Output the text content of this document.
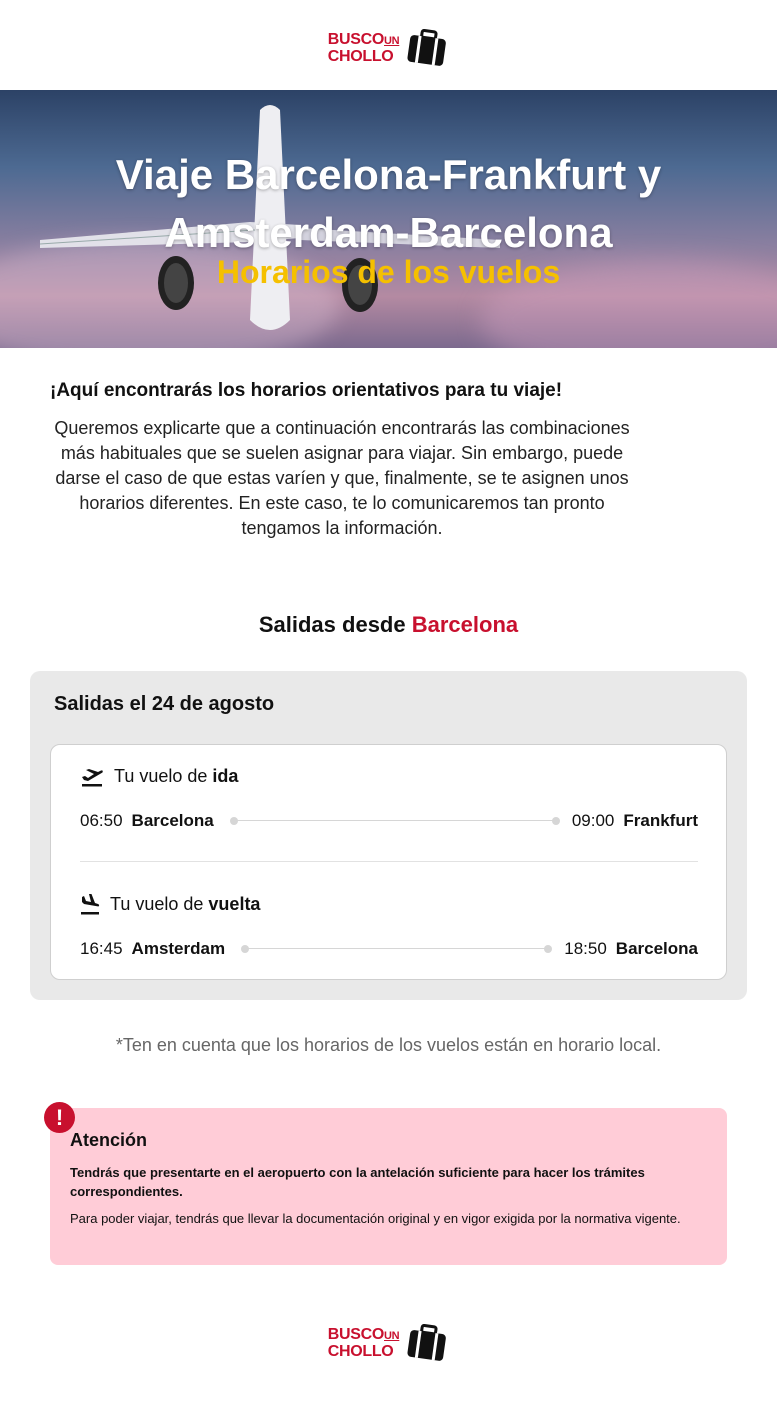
BUSCOUN
CHOLLO
Viaje Barcelona-Frankfurt y
Amsterdam-Barcelona
Horarios de los vuelos
¡Aquí encontrarás los horarios orientativos para tu viaje!
Queremos explicarte que a continuación encontrarás las combinaciones más habituales que se suelen asignar para viajar. Sin embargo, puede darse el caso de que estas varíen y que, finalmente, se te asignen unos horarios diferentes. En este caso, te lo comunicaremos tan pronto tengamos la información.
Salidas desde Barcelona
Salidas el 24 de agosto
Tu vuelo de ida
06:50 Barcelona	09:00 Frankfurt
Tu vuelo de vuelta
16:45 Amsterdam	18:50 Barcelona
*Ten en cuenta que los horarios de los vuelos están en horario local.
Atención
Tendrás que presentarte en el aeropuerto con la antelación suficiente para hacer los trámites correspondientes.
Para poder viajar, tendrás que llevar la documentación original y en vigor exigida por la normativa vigente.
!
BUSCOUN
CHOLLO
